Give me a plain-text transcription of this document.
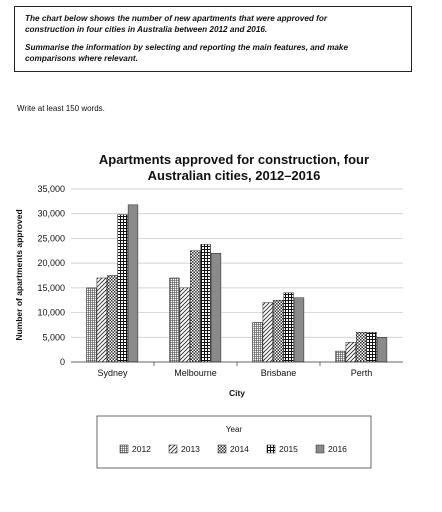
The chart below shows the number of new apartments that were approved for
construction in four cities in Australia between 2012 and 2016.

Summarise the information by selecting and reporting the main features, and make
comparisons where relevant.

Write at least 150 words.
Apartments approved for construction, four
Australian cities, 2012–2016
0
5,000
10,000
15,000
20,000
25,000
30,000
35,000
Sydney	Melbourne	Brisbane	Perth
Number of apartments approved
City
Year
2012	2013	2014	2015	2016
